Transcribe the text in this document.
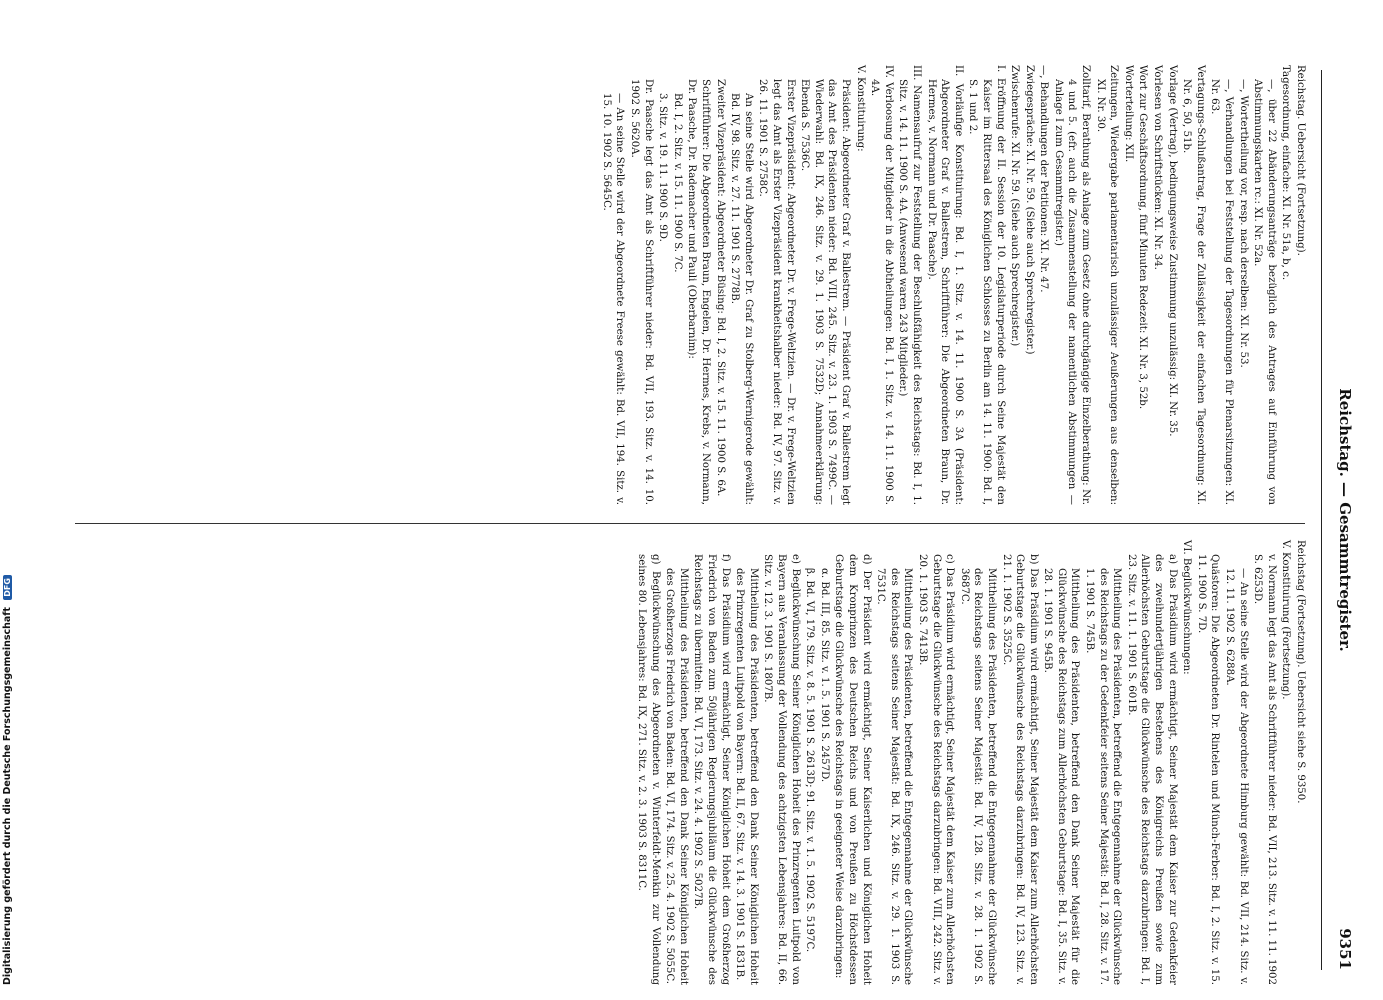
Reichstag. — Gesammtregister.
9351
Reichstag. Uebersicht (Fortsetzung).
Tagesordnung, einfache: XI. Nr. 51a, b, c.
—, über 22 Abänderungsanträge bezüglich des Antrages auf Einführung von Abstimmungskarten rc.: XI. Nr. 52a.
—, Wortertheilung vor, resp. nach derselben: XI. Nr. 53.
—, Verhandlungen bei Feststellung der Tagesordnungen für Plenarsitzungen: XI. Nr. 63.
Vertagungs-Schlußantrag, Frage der Zulässigkeit der einfachen Tagesordnung: XI. Nr. 6, 50, 51b.
Vorlage (Vertrag), bedingungsweise Zustimmung unzulässig: XI. Nr. 35.
Vorlesen von Schriftstücken: XI. Nr. 34.
Wort zur Geschäftsordnung, fünf Minuten Redezeit: XI. Nr. 3, 52b.
Worterteilung: XII.
Zeitungen, Wiedergabe parlamentarisch unzulässiger Aeußerungen aus denselben: XI. Nr. 30.
Zolltarif, Berathung als Anlage zum Gesetz ohne durchgängige Einzelberathung: Nr. 4 und 5. (efr. auch die Zusammenstellung der namentlichen Abstimmungen — Anlage I zum Gesammtregister.)
—, Behandlungen der Petitionen: XI. Nr. 47.
Zwiegespräche: XI. Nr. 59. (Siehe auch Sprechregister.)
Zwischenrufe: XI. Nr. 59. (Siehe auch Sprechregister.)
I. Eröffnung der II. Session der 10. Legislaturperiode durch Seine Majestät den Kaiser im Rittersaal des Königlichen Schlosses zu Berlin am 14. 11. 1900: Bd. I, S. 1 und 2.
II. Vorläufige Konstituirung: Bd. I, 1. Sitz. v. 14. 11. 1900 S. 3A (Präsident: Abgeordneter Graf v. Ballestrem, Schriftführer: Die Abgeordneten Braun, Dr. Hermes, v. Normann und Dr. Paasche).
III. Namensaufruf zur Feststellung der Beschlußfähigkeit des Reichstags: Bd. I, 1. Sitz. v. 14. 11. 1900 S. 4A. (Anwesend waren 243 Mitglieder.)
IV. Verloosung der Mitglieder in die Abtheilungen: Bd. I, 1. Sitz. v. 14. 11. 1900 S. 4A.
V. Konstituirung:
Präsident: Abgeordneter Graf v. Ballestrem. — Präsident Graf v. Ballestrem legt das Amt des Präsidenten nieder: Bd. VIII, 245. Sitz. v. 23. 1. 1903 S. 7499C. — Wiederwahl: Bd. IX, 246. Sitz. v. 29. 1. 1903 S. 7532D; Annahmeerklärung: Ebenda S. 7536C.
Erster Vizepräsident: Abgeordneter Dr. v. Frege-Weltzien. — Dr. v. Frege-Weltzien legt das Amt als Erster Vizepräsident krankheitshalber nieder: Bd. IV, 97. Sitz. v. 26. 11. 1901 S. 2758C.
An seine Stelle wird Abgeordneter Dr. Graf zu Stolberg-Wernigerode gewählt: Bd. IV, 98. Sitz. v. 27. 11. 1901 S. 2778B.
Zweiter Vizepräsident: Abgeordneter Büsing: Bd. I, 2. Sitz. v. 15. 11. 1900 S. 6A.
Schriftführer: Die Abgeordneten Braun, Engelen, Dr. Hermes, Krebs, v. Normann, Dr. Paasche, Dr. Rademacher und Pauli (Oberbarnim):
Bd. I, 2. Sitz. v. 15. 11. 1900 S. 7C.
3. Sitz. v. 19. 11. 1900 S. 9D.
Dr. Paasche legt das Amt als Schriftführer nieder: Bd. VII, 193. Sitz. v. 14. 10. 1902 S. 5620A.
— An seine Stelle wird der Abgeordnete Freese gewählt: Bd. VII, 194. Sitz. v. 15. 10. 1902 S. 5645C.
Reichstag (Fortsetzung). Uebersicht siehe S. 9350.
V. Konstituirung (Fortsetzung).
v. Normann legt das Amt als Schriftführer nieder: Bd. VII, 213. Sitz. v. 11. 11. 1902 S. 6253D.
— An seine Stelle wird der Abgeordnete Himburg gewählt: Bd. VII, 214. Sitz. v. 12. 11. 1902 S. 6288A.
Quästoren: Die Abgeordneten Dr. Rintelen und Münch-Ferber: Bd. I, 2. Sitz. v. 15. 11. 1900 S. 7D.
VI. Beglückwünschungen:
a) Das Präsidium wird ermächtigt, Seiner Majestät dem Kaiser zur Gedenkfeier des zweihundertjährigen Bestehens des Königreichs Preußen sowie zum Allerhöchsten Geburtstage die Glückwünsche des Reichstags darzubringen: Bd. I, 23. Sitz. v. 11. 1. 1901 S. 601B.
Mittheilung des Präsidenten, betreffend die Entgegennahme der Glückwünsche des Reichstags zu der Gedenkfeier seitens Seiner Majestät: Bd. I, 28. Sitz. v. 17. 1. 1901 S. 745B.
Mittheilung des Präsidenten, betreffend den Dank Seiner Majestät für die Glückwünsche des Reichstags zum Allerhöchsten Geburtstage: Bd. I, 35. Sitz. v. 28. 1. 1901 S. 945B.
b) Das Präsidium wird ermächtigt, Seiner Majestät dem Kaiser zum Allerhöchsten Geburtstage die Glückwünsche des Reichstags darzubringen: Bd. IV, 123. Sitz. v. 21. 1. 1902 S. 3525C.
Mittheilung des Präsidenten, betreffend die Entgegennahme der Glückwünsche des Reichstags seitens Seiner Majestät: Bd. IV, 128. Sitz. v. 28. 1. 1902 S. 3687C.
c) Das Präsidium wird ermächtigt, Seiner Majestät dem Kaiser zum Allerhöchsten Geburtstage die Glückwünsche des Reichstags darzubringen: Bd. VIII, 242. Sitz. v. 20. 1. 1903 S. 7413B.
Mittheilung des Präsidenten, betreffend die Entgegennahme der Glückwünsche des Reichstags seitens Seiner Majestät: Bd. IX, 246. Sitz. v. 29. 1. 1903 S. 7531C.
d) Der Präsident wird ermächtigt, Seiner Kaiserlichen und Königlichen Hoheit dem Kronprinzen des Deutschen Reichs und von Preußen zu Höchstdessen Geburtstage die Glückwünsche des Reichstags in geeigneter Weise darzubringen:
α. Bd. III, 85. Sitz. v. 1. 5. 1901 S. 2457D.
β. Bd. VI, 179. Sitz. v. 8. 5. 1901 S. 2613D; 91. Sitz. v. 1. 5. 1902 S. 5197C.
e) Beglückwünschung Seiner Königlichen Hoheit des Prinzregenten Luitpold von Bayern aus Veranlassung der Vollendung des achtzigsten Lebensjahres: Bd. II, 66. Sitz. v. 12. 3. 1901 S. 1807B.
Mittheilung des Präsidenten, betreffend den Dank Seiner Königlichen Hoheit des Prinzregenten Luitpold von Bayern: Bd. II, 67. Sitz. v. 14. 3. 1901 S. 1831B.
f) Das Präsidium wird ermächtigt, Seiner Königlichen Hoheit dem Großherzog Friedrich von Baden zum 50jährigen Regierungsjubiläum die Glückwünsche des Reichstags zu übermitteln: Bd. VI, 173. Sitz. v. 24. 4. 1902 S. 5027B.
Mittheilung des Präsidenten, betreffend den Dank Seiner Königlichen Hoheit des Großherzogs Friedrich von Baden: Bd. VI, 174. Sitz. v. 25. 4. 1902 S. 5055C.
g) Beglückwünschung des Abgeordneten v. Winterfeldt-Menkin zur Vollendung seines 80. Lebensjahres: Bd. IX, 271. Sitz. v. 2. 3. 1903 S. 8311C.
Digitalisierung gefördert durch die Deutsche Forschungsgemeinschaft DFG
